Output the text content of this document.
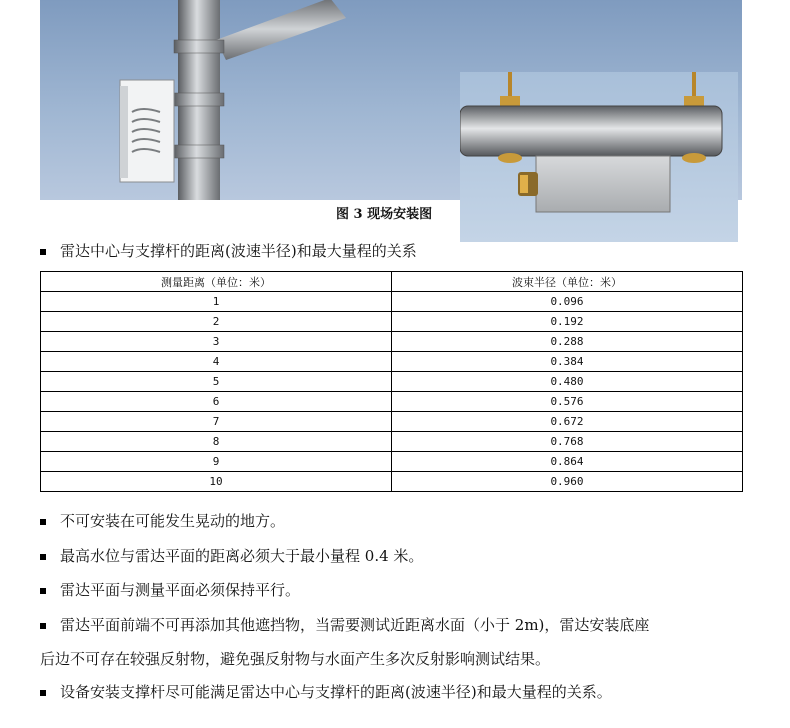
图 3 现场安装图
雷达中心与支撑杆的距离(波速半径)和最大量程的关系
测量距离（单位：米）	波束半径（单位：米）
1	0.096
2	0.192
3	0.288
4	0.384
5	0.480
6	0.576
7	0.672
8	0.768
9	0.864
10	0.960
不可安装在可能发生晃动的地方。
最高水位与雷达平面的距离必须大于最小量程 0.4 米。
雷达平面与测量平面必须保持平行。
雷达平面前端不可再添加其他遮挡物，当需要测试近距离水面（小于 2m)，雷达安装底座
后边不可存在较强反射物，避免强反射物与水面产生多次反射影响测试结果。
设备安装支撑杆尽可能满足雷达中心与支撑杆的距离(波速半径)和最大量程的关系。
